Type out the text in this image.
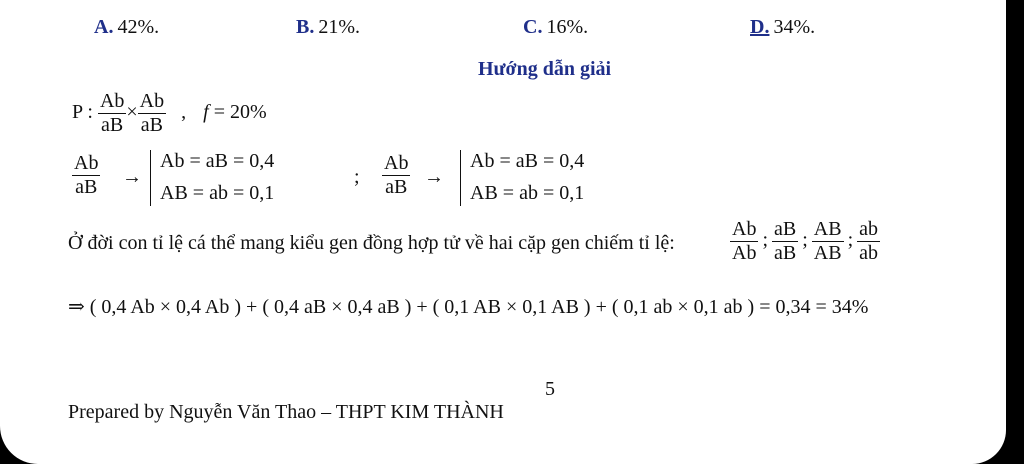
A. 42%.	B. 21%.	C. 16%.	D. 34%.
Hướng dẫn giải
P : $\frac{Ab}{aB} \times \frac{Ab}{aB}$ , f = 20%
$\frac{Ab}{aB}$ →
Ab = aB = 0,4
AB = ab = 0,1
; $\frac{Ab}{aB}$ →
Ab = aB = 0,4
AB = ab = 0,1
Ở đời con tỉ lệ cá thể mang kiểu gen đồng hợp tử về hai cặp gen chiếm tỉ lệ:	$\frac{Ab}{Ab}$ ; $\frac{aB}{aB}$ ; $\frac{AB}{AB}$ ; $\frac{ab}{ab}$
⇒ ( 0,4 Ab × 0,4 Ab ) + ( 0,4 aB × 0,4 aB ) + ( 0,1 AB × 0,1 AB ) + ( 0,1 ab × 0,1 ab ) = 0,34 = 34%
5
Prepared by Nguyễn Văn Thao – THPT KIM THÀNH
